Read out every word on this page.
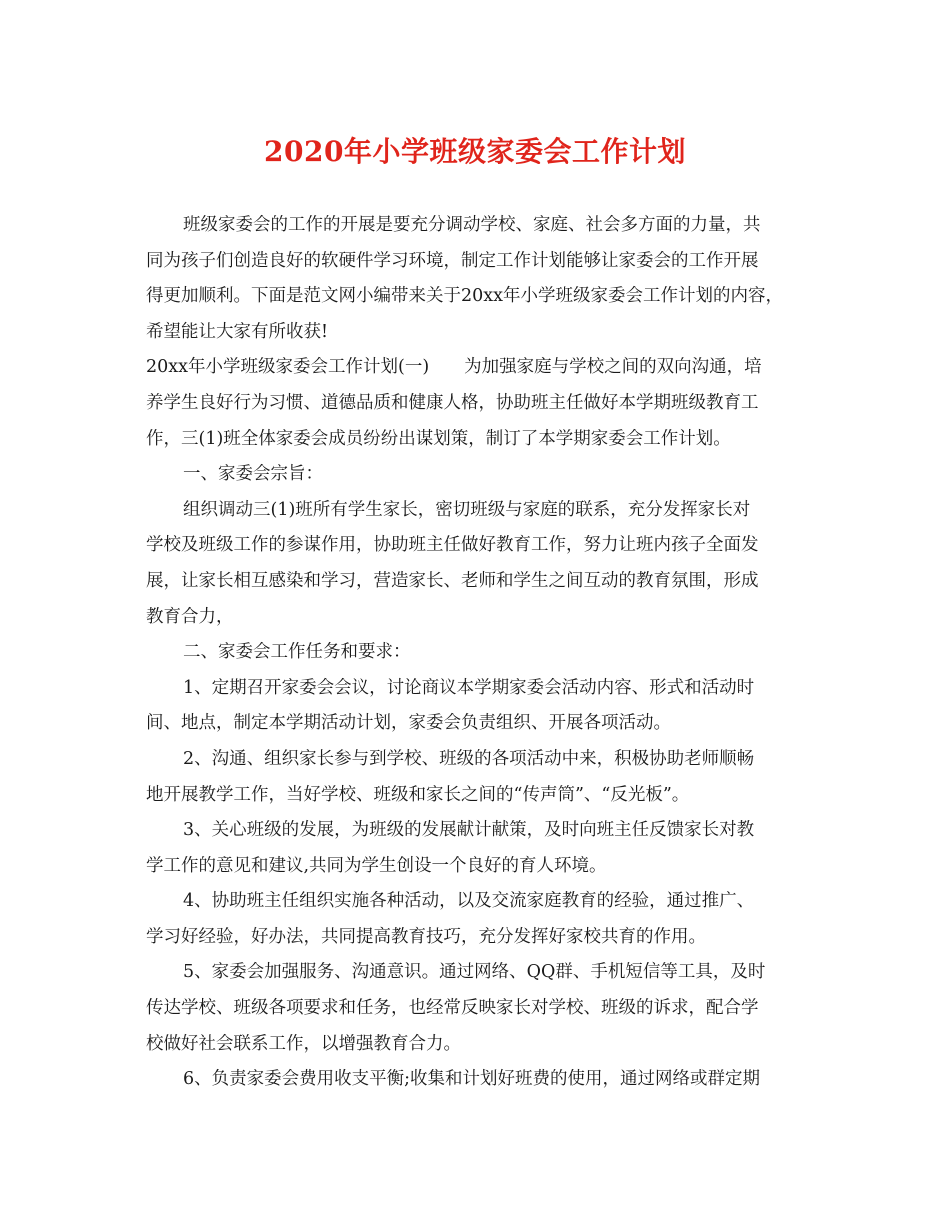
2020年小学班级家委会工作计划

班级家委会的工作的开展是要充分调动学校、家庭、社会多方面的力量，共

同为孩子们创造良好的软硬件学习环境，制定工作计划能够让家委会的工作开展

得更加顺利。下面是范文网小编带来关于20xx年小学班级家委会工作计划的内容，

希望能让大家有所收获!

20xx年小学班级家委会工作计划(一)　　为加强家庭与学校之间的双向沟通，培

养学生良好行为习惯、道德品质和健康人格，协助班主任做好本学期班级教育工

作，三(1)班全体家委会成员纷纷出谋划策，制订了本学期家委会工作计划。

一、家委会宗旨：

组织调动三(1)班所有学生家长，密切班级与家庭的联系，充分发挥家长对

学校及班级工作的参谋作用，协助班主任做好教育工作，努力让班内孩子全面发

展，让家长相互感染和学习，营造家长、老师和学生之间互动的教育氛围，形成

教育合力，

二、家委会工作任务和要求：

1、定期召开家委会会议，讨论商议本学期家委会活动内容、形式和活动时

间、地点，制定本学期活动计划，家委会负责组织、开展各项活动。

2、沟通、组织家长参与到学校、班级的各项活动中来，积极协助老师顺畅

地开展教学工作，当好学校、班级和家长之间的“传声筒”、“反光板”。

3、关心班级的发展，为班级的发展献计献策，及时向班主任反馈家长对教

学工作的意见和建议,共同为学生创设一个良好的育人环境。

4、协助班主任组织实施各种活动，以及交流家庭教育的经验，通过推广、

学习好经验，好办法，共同提高教育技巧，充分发挥好家校共育的作用。

5、家委会加强服务、沟通意识。通过网络、QQ群、手机短信等工具，及时

传达学校、班级各项要求和任务，也经常反映家长对学校、班级的诉求，配合学

校做好社会联系工作，以增强教育合力。

6、负责家委会费用收支平衡;收集和计划好班费的使用，通过网络或群定期
